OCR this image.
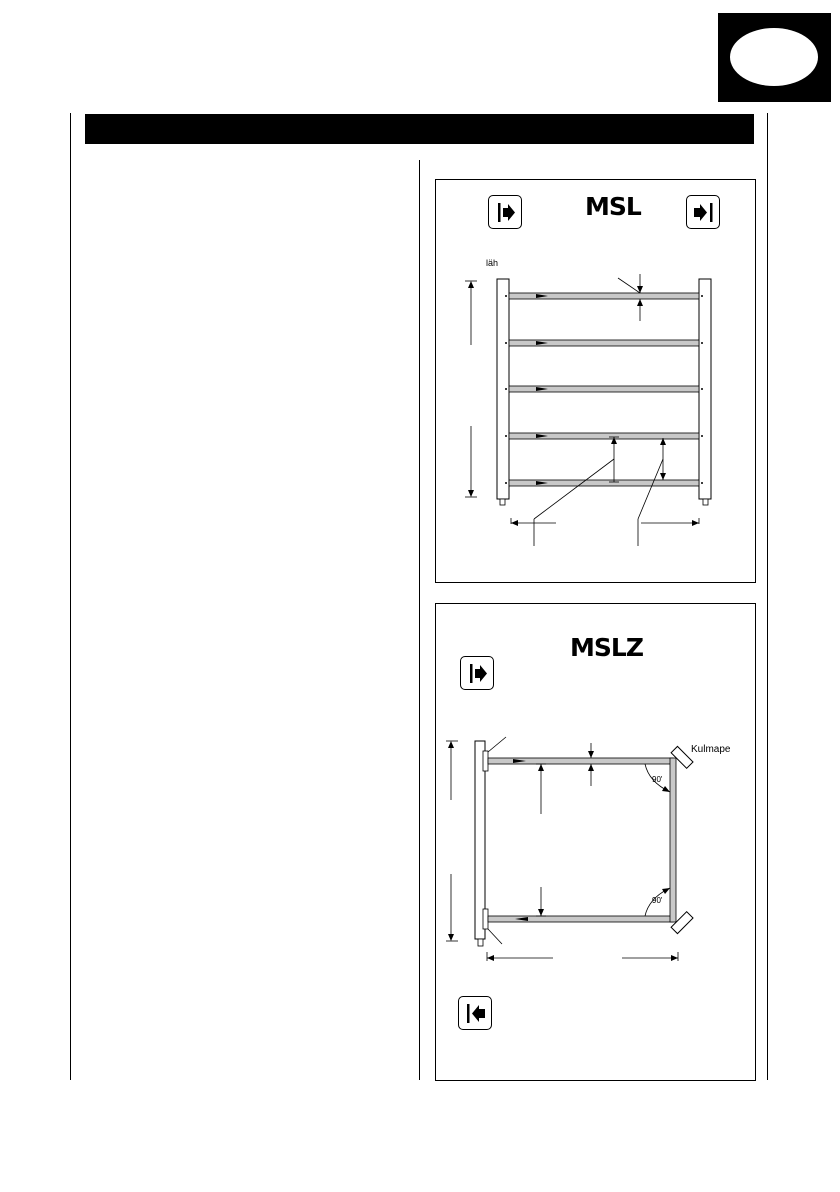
MSL
läh
MSLZ
Kulmape
90'
90'
